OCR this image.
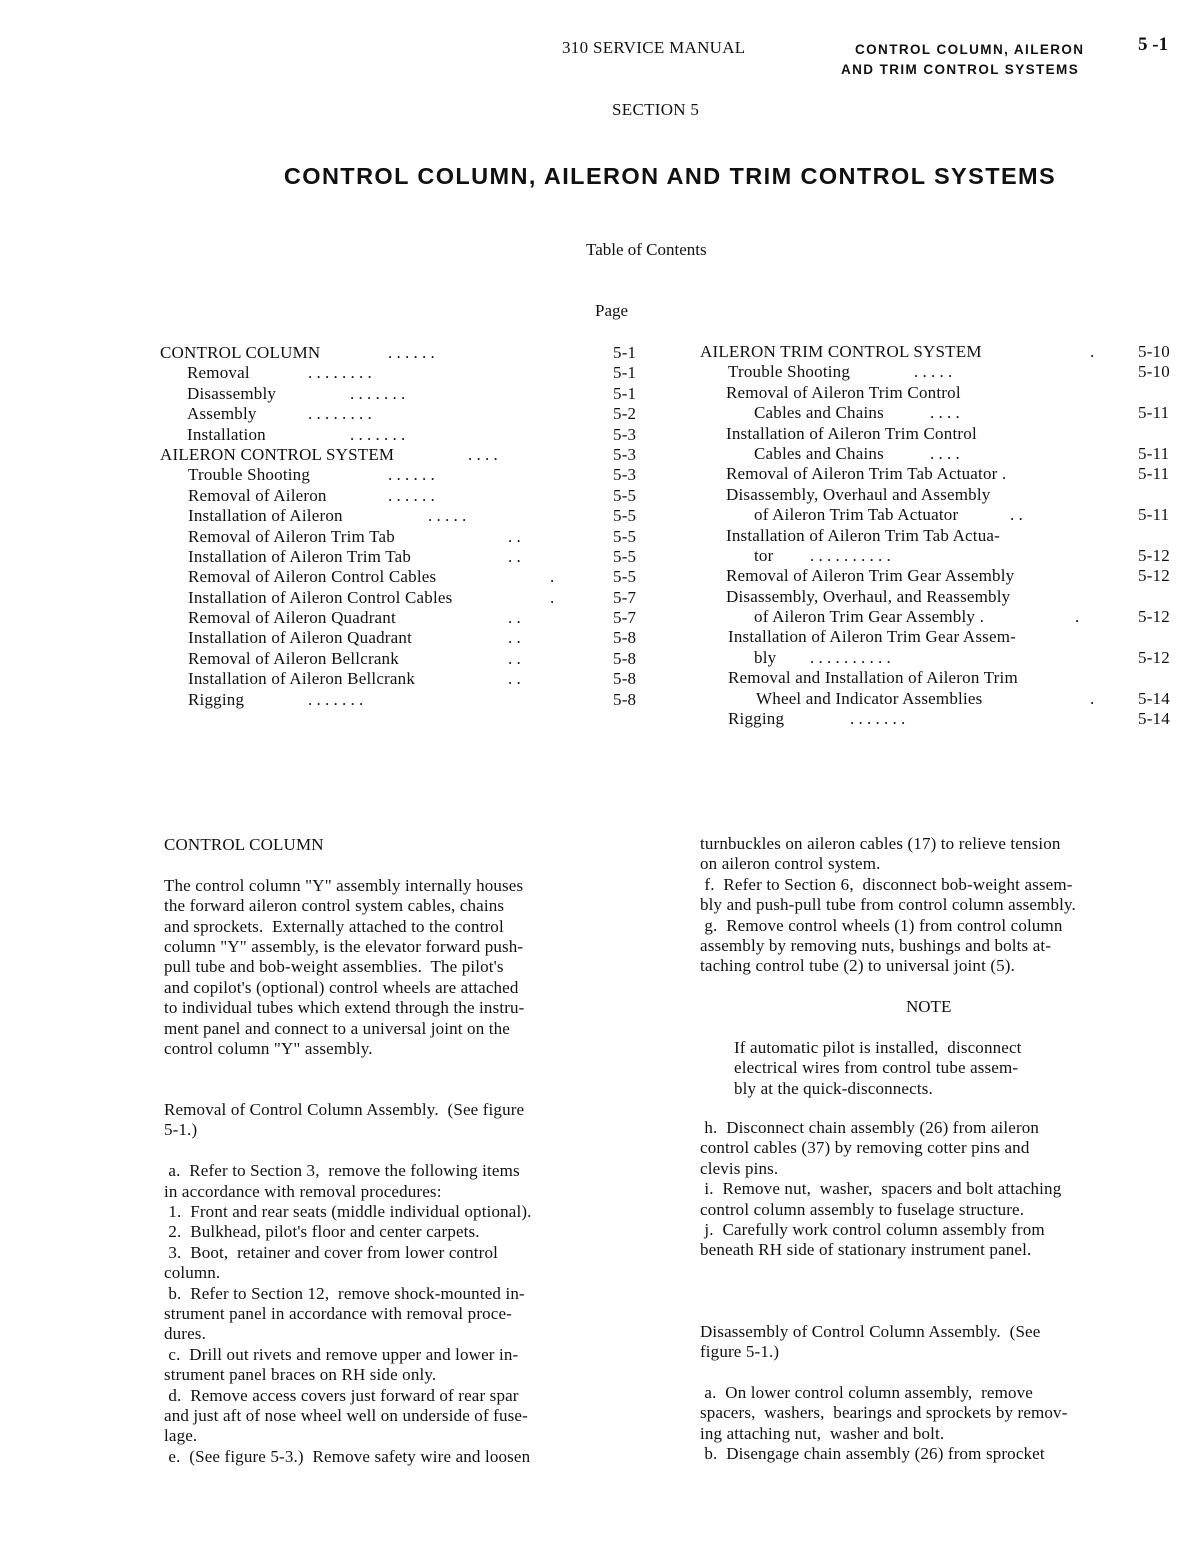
310 SERVICE MANUAL	CONTROL COLUMN, AILERON
AND TRIM CONTROL SYSTEMS
5 -1
SECTION 5
CONTROL COLUMN, AILERON AND TRIM CONTROL SYSTEMS
Table of Contents
Page
CONTROL COLUMN	. . . . . .	5-1
Removal	. . . . . . . .	5-1
Disassembly	. . . . . . .	5-1
Assembly	. . . . . . . .	5-2
Installation	. . . . . . .	5-3
AILERON CONTROL SYSTEM	. . . .	5-3
Trouble Shooting	. . . . . .	5-3
Removal of Aileron	. . . . . .	5-5
Installation of Aileron	. . . . .	5-5
Removal of Aileron Trim Tab	. .	5-5
Installation of Aileron Trim Tab	. .	5-5
Removal of Aileron Control Cables	.	5-5
Installation of Aileron Control Cables	.	5-7
Removal of Aileron Quadrant	. .	5-7
Installation of Aileron Quadrant	. .	5-8
Removal of Aileron Bellcrank	. .	5-8
Installation of Aileron Bellcrank	. .	5-8
Rigging	. . . . . . .	5-8
AILERON TRIM CONTROL SYSTEM	.	5-10
Trouble Shooting	. . . . .	5-10
Removal of Aileron Trim Control
Cables and Chains	. . . .	5-11
Installation of Aileron Trim Control
Cables and Chains	. . . .	5-11
Removal of Aileron Trim Tab Actuator .	5-11
Disassembly, Overhaul and Assembly
of Aileron Trim Tab Actuator	. .	5-11
Installation of Aileron Trim Tab Actua-
tor . . . . . . . . . .	5-12
Removal of Aileron Trim Gear Assembly	5-12
Disassembly, Overhaul, and Reassembly
of Aileron Trim Gear Assembly .	.	5-12
Installation of Aileron Trim Gear Assem-
bly . . . . . . . . . .	5-12
Removal and Installation of Aileron Trim
Wheel and Indicator Assemblies	.	5-14
Rigging	. . . . . . .	5-14
CONTROL COLUMN
The control column "Y" assembly internally houses
the forward aileron control system cables, chains
and sprockets.  Externally attached to the control
column "Y" assembly, is the elevator forward push-
pull tube and bob-weight assemblies.  The pilot's
and copilot's (optional) control wheels are attached
to individual tubes which extend through the instru-
ment panel and connect to a universal joint on the
control column "Y" assembly.
Removal of Control Column Assembly.  (See figure
5-1.)
a.  Refer to Section 3,  remove the following items
in accordance with removal procedures:
1.  Front and rear seats (middle individual optional).
2.  Bulkhead, pilot's floor and center carpets.
3.  Boot,  retainer and cover from lower control
column.
b.  Refer to Section 12,  remove shock-mounted in-
strument panel in accordance with removal proce-
dures.
c.  Drill out rivets and remove upper and lower in-
strument panel braces on RH side only.
d.  Remove access covers just forward of rear spar
and just aft of nose wheel well on underside of fuse-
lage.
e.  (See figure 5-3.)  Remove safety wire and loosen
turnbuckles on aileron cables (17) to relieve tension
on aileron control system.
f.  Refer to Section 6,  disconnect bob-weight assem-
bly and push-pull tube from control column assembly.
g.  Remove control wheels (1) from control column
assembly by removing nuts, bushings and bolts at-
taching control tube (2) to universal joint (5).
NOTE
If automatic pilot is installed,  disconnect
electrical wires from control tube assem-
bly at the quick-disconnects.
h.  Disconnect chain assembly (26) from aileron
control cables (37) by removing cotter pins and
clevis pins.
i.  Remove nut,  washer,  spacers and bolt attaching
control column assembly to fuselage structure.
j.  Carefully work control column assembly from
beneath RH side of stationary instrument panel.
Disassembly of Control Column Assembly.  (See
figure 5-1.)
a.  On lower control column assembly,  remove
spacers,  washers,  bearings and sprockets by remov-
ing attaching nut,  washer and bolt.
b.  Disengage chain assembly (26) from sprocket
